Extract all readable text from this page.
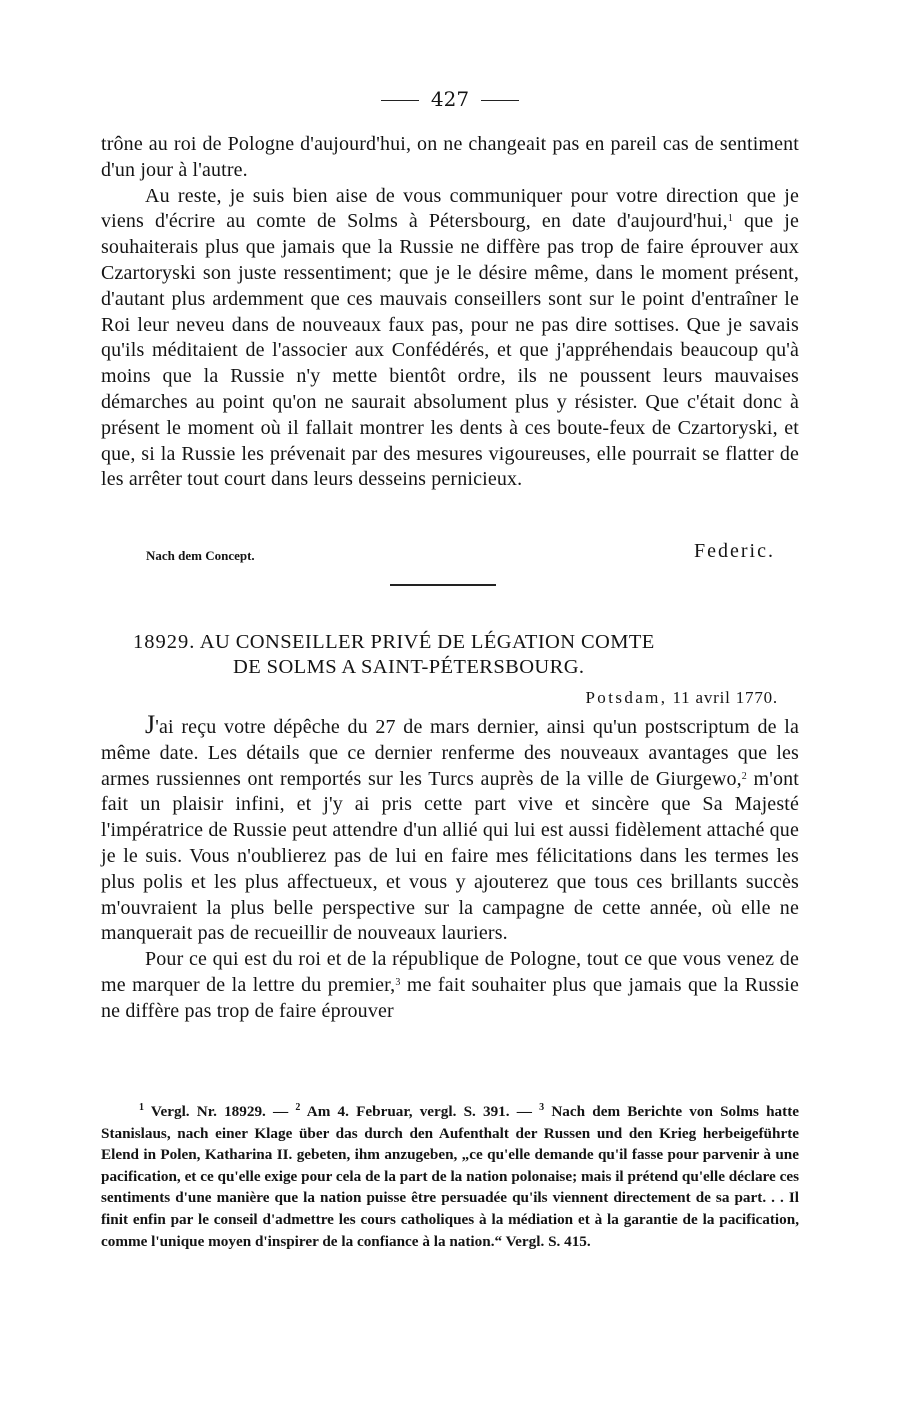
427

trône au roi de Pologne d'aujourd'hui, on ne changeait pas en pareil cas de sentiment d'un jour à l'autre.

Au reste, je suis bien aise de vous communiquer pour votre direction que je viens d'écrire au comte de Solms à Pétersbourg, en date d'aujourd'hui,$^1$ que je souhaiterais plus que jamais que la Russie ne diffère pas trop de faire éprouver aux Czartoryski son juste ressentiment; que je le désire même, dans le moment présent, d'autant plus ardemment que ces mauvais conseillers sont sur le point d'entraîner le Roi leur neveu dans de nouveaux faux pas, pour ne pas dire sottises. Que je savais qu'ils méditaient de l'associer aux Confédérés, et que j'appréhendais beaucoup qu'à moins que la Russie n'y mette bientôt ordre, ils ne poussent leurs mauvaises démarches au point qu'on ne saurait absolument plus y résister. Que c'était donc à présent le moment où il fallait montrer les dents à ces boute-feux de Czartoryski, et que, si la Russie les prévenait par des mesures vigoureuses, elle pourrait se flatter de les arrêter tout court dans leurs desseins pernicieux.

Nach dem Concept.	Federic.
18929. AU CONSEILLER PRIVÉ DE LÉGATION COMTE
DE SOLMS A SAINT-PÉTERSBOURG.
Potsdam, 11 avril 1770.

J'ai reçu votre dépêche du 27 de mars dernier, ainsi qu'un postscriptum de la même date. Les détails que ce dernier renferme des nouveaux avantages que les armes russiennes ont remportés sur les Turcs auprès de la ville de Giurgewo,$^2$ m'ont fait un plaisir infini, et j'y ai pris cette part vive et sincère que Sa Majesté l'impératrice de Russie peut attendre d'un allié qui lui est aussi fidèlement attaché que je le suis. Vous n'oublierez pas de lui en faire mes félicitations dans les termes les plus polis et les plus affectueux, et vous y ajouterez que tous ces brillants succès m'ouvraient la plus belle perspective sur la campagne de cette année, où elle ne manquerait pas de recueillir de nouveaux lauriers.

Pour ce qui est du roi et de la république de Pologne, tout ce que vous venez de me marquer de la lettre du premier,$^3$ me fait souhaiter plus que jamais que la Russie ne diffère pas trop de faire éprouver

$^1$ Vergl. Nr. 18929. — $^2$ Am 4. Februar, vergl. S. 391. — $^3$ Nach dem Berichte von Solms hatte Stanislaus, nach einer Klage über das durch den Aufenthalt der Russen und den Krieg herbeigeführte Elend in Polen, Katharina II. gebeten, ihm anzugeben, „ce qu'elle demande qu'il fasse pour parvenir à une pacification, et ce qu'elle exige pour cela de la part de la nation polonaise; mais il prétend qu'elle déclare ces sentiments d'une manière que la nation puisse être persuadée qu'ils viennent directement de sa part. . . Il finit enfin par le conseil d'admettre les cours catholiques à la médiation et à la garantie de la pacification, comme l'unique moyen d'inspirer de la confiance à la nation.“ Vergl. S. 415.
